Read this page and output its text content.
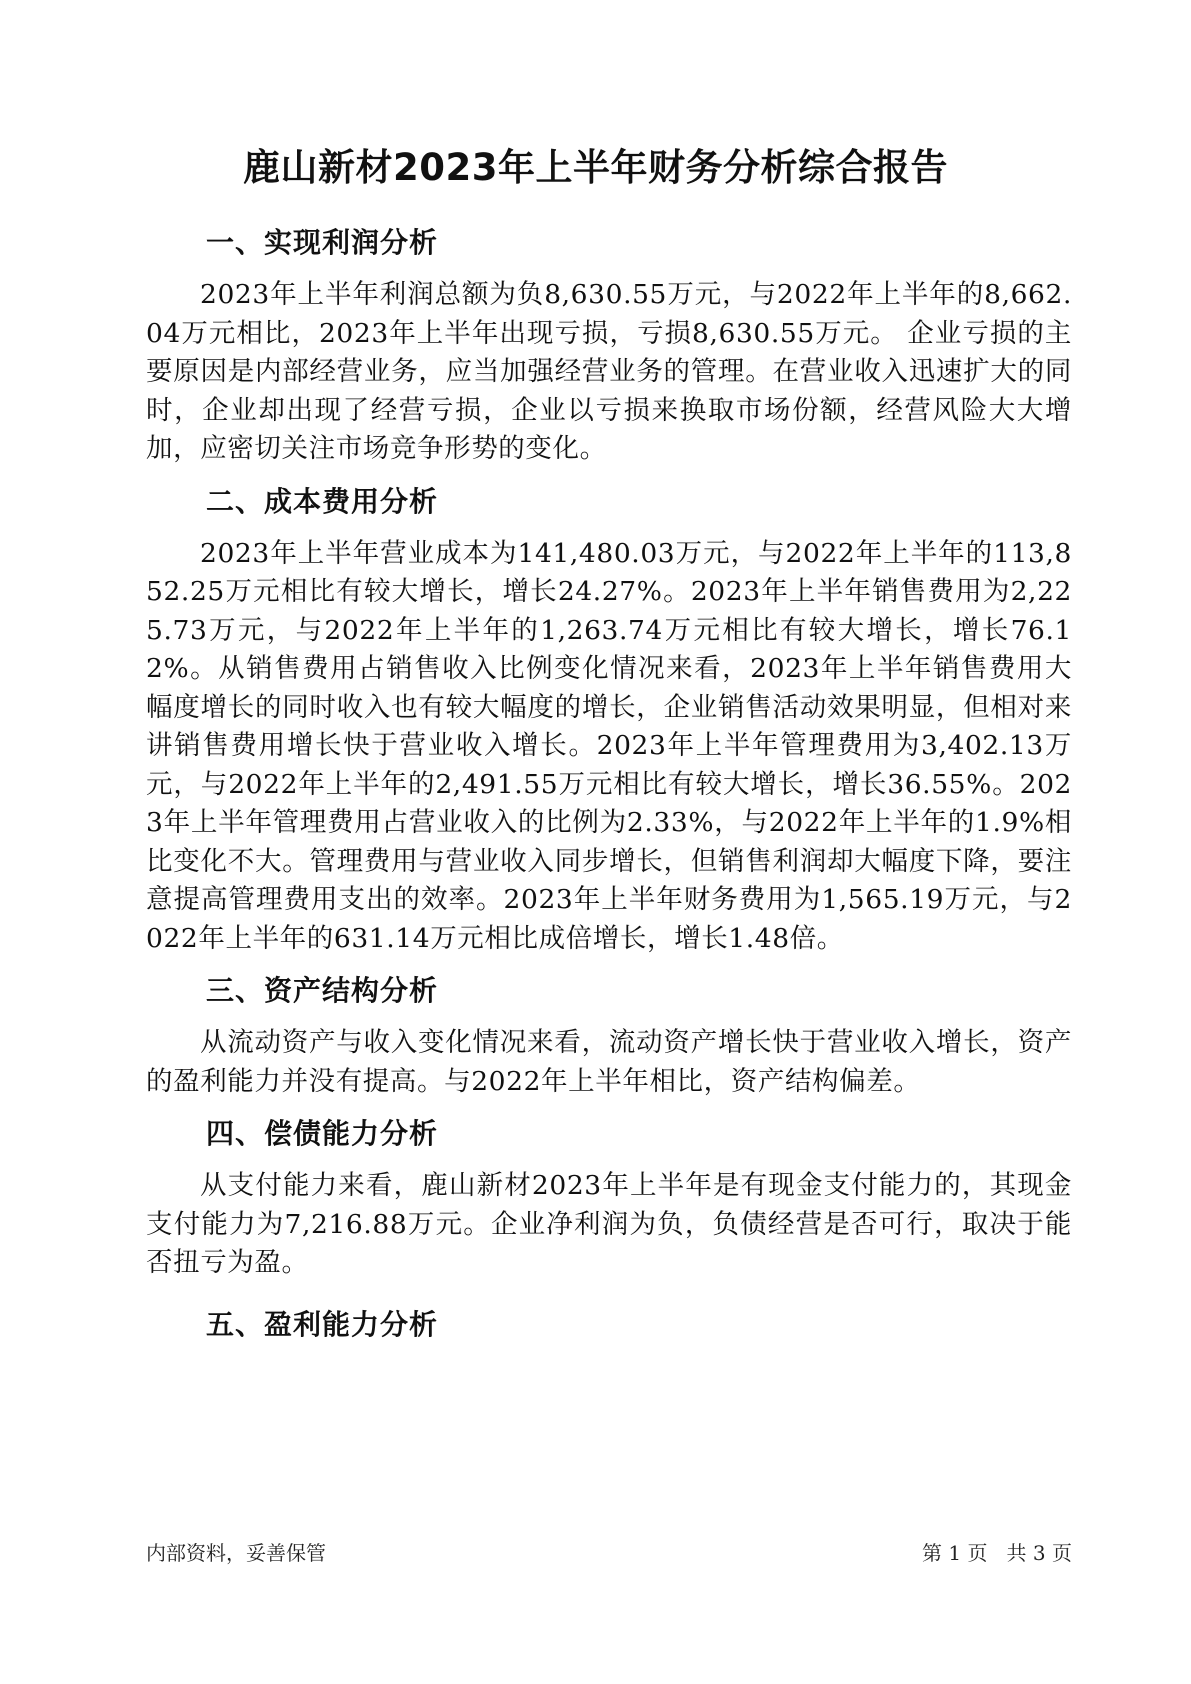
鹿山新材2023年上半年财务分析综合报告
一、实现利润分析

2023年上半年利润总额为负8,630.55万元，与2022年上半年的8,662.04万元相比，2023年上半年出现亏损，亏损8,630.55万元。 企业亏损的主要原因是内部经营业务，应当加强经营业务的管理。在营业收入迅速扩大的同时，企业却出现了经营亏损，企业以亏损来换取市场份额，经营风险大大增加，应密切关注市场竞争形势的变化。

二、成本费用分析

2023年上半年营业成本为141,480.03万元，与2022年上半年的113,852.25万元相比有较大增长，增长24.27%。2023年上半年销售费用为2,225.73万元，与2022年上半年的1,263.74万元相比有较大增长，增长76.12%。从销售费用占销售收入比例变化情况来看，2023年上半年销售费用大幅度增长的同时收入也有较大幅度的增长，企业销售活动效果明显，但相对来讲销售费用增长快于营业收入增长。2023年上半年管理费用为3,402.13万元，与2022年上半年的2,491.55万元相比有较大增长，增长36.55%。2023年上半年管理费用占营业收入的比例为2.33%，与2022年上半年的1.9%相比变化不大。管理费用与营业收入同步增长，但销售利润却大幅度下降，要注意提高管理费用支出的效率。2023年上半年财务费用为1,565.19万元，与2022年上半年的631.14万元相比成倍增长，增长1.48倍。

三、资产结构分析

从流动资产与收入变化情况来看，流动资产增长快于营业收入增长，资产的盈利能力并没有提高。与2022年上半年相比，资产结构偏差。

四、偿债能力分析

从支付能力来看，鹿山新材2023年上半年是有现金支付能力的，其现金支付能力为7,216.88万元。企业净利润为负，负债经营是否可行，取决于能否扭亏为盈。

五、盈利能力分析
内部资料，妥善保管	第 1 页   共 3 页
